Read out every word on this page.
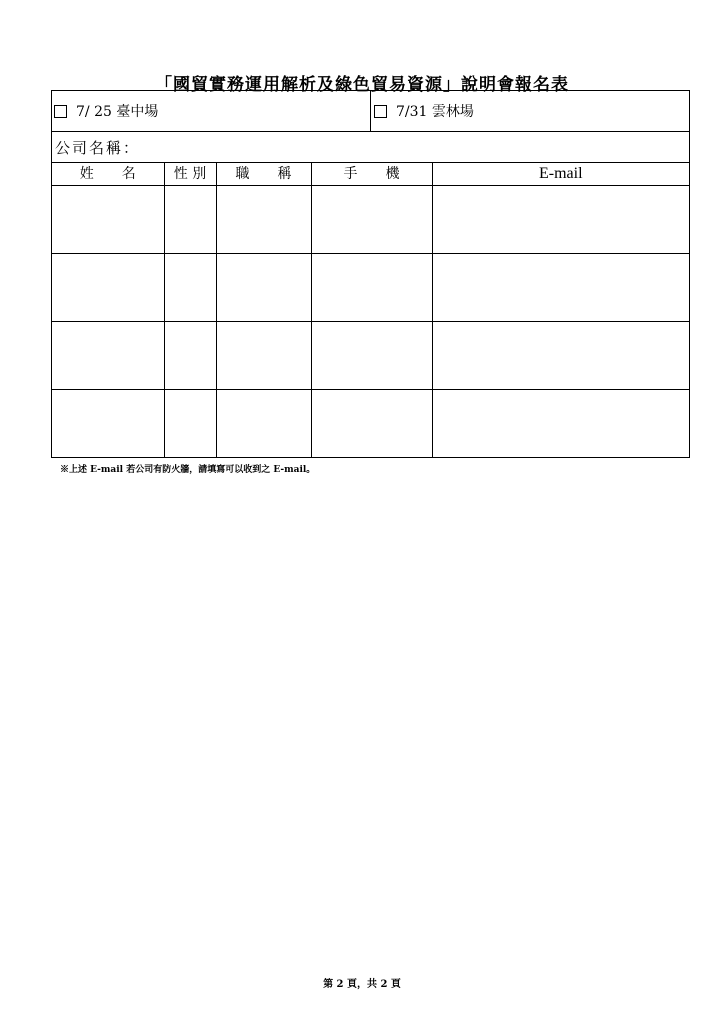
「國貿實務運用解析及綠色貿易資源」說明會報名表
7/ 25 臺中場	7/31 雲林場
公司名稱：
姓　　名	性 別	職　　稱	手　　機	E-mail

※上述 E-mail 若公司有防火牆，請填寫可以收到之 E-mail。
第 2 頁，共 2 頁
